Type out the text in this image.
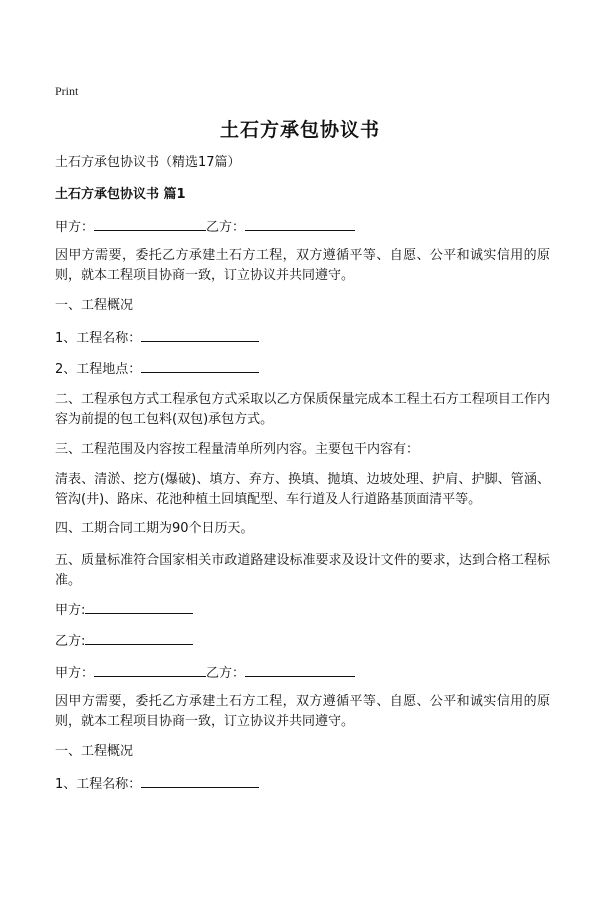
Print
土石方承包协议书
土石方承包协议书（精选17篇）
土石方承包协议书 篇1
甲方：	乙方：
因甲方需要，委托乙方承建土石方工程，双方遵循平等、自愿、公平和诚实信用的原则，就本工程项目协商一致，订立协议并共同遵守。
一、工程概况
1、工程名称：
2、工程地点：
二、工程承包方式工程承包方式采取以乙方保质保量完成本工程土石方工程项目工作内容为前提的包工包料(双包)承包方式。
三、工程范围及内容按工程量清单所列内容。主要包干内容有：
清表、清淤、挖方(爆破)、填方、弃方、换填、抛填、边坡处理、护肩、护脚、管涵、管沟(井)、路床、花池种植土回填配型、车行道及人行道路基顶面清平等。
四、工期合同工期为90个日历天。
五、质量标准符合国家相关市政道路建设标准要求及设计文件的要求，达到合格工程标准。
甲方:
乙方:
甲方：	乙方：
因甲方需要，委托乙方承建土石方工程，双方遵循平等、自愿、公平和诚实信用的原则，就本工程项目协商一致，订立协议并共同遵守。
一、工程概况
1、工程名称：
